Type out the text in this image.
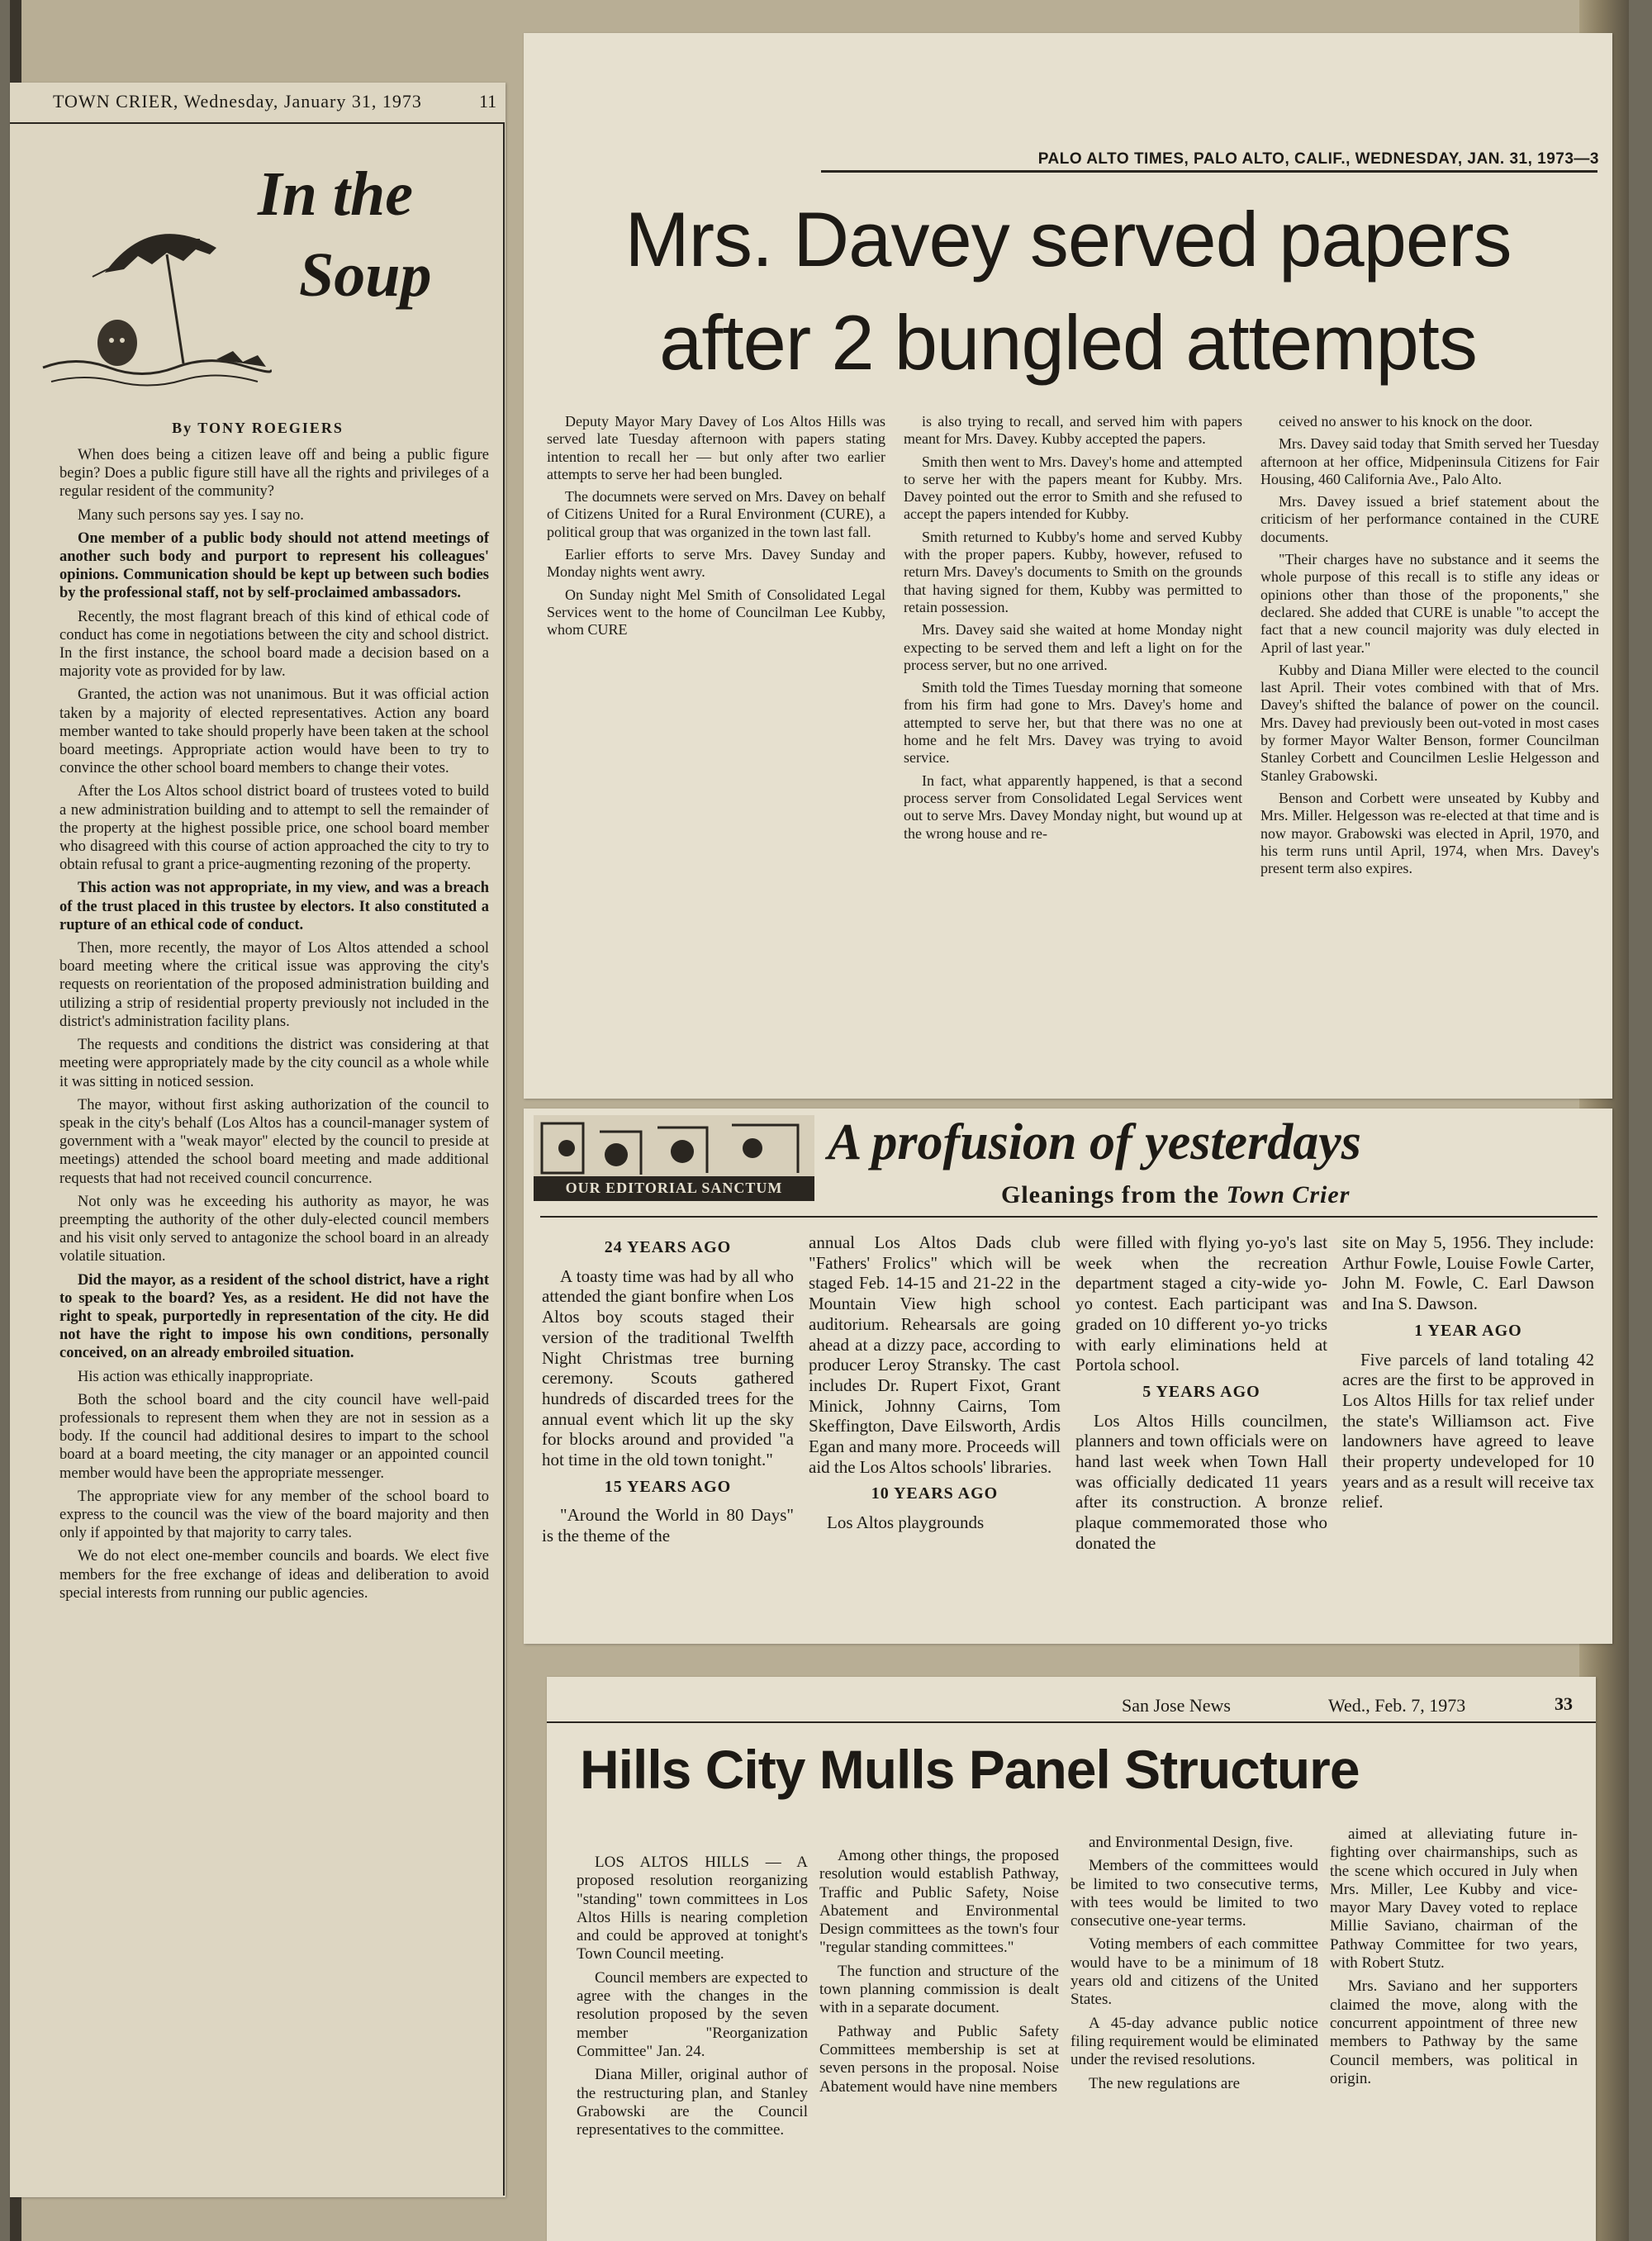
TOWN CRIER, Wednesday, January 31, 1973	11
In the
Soup
By TONY ROEGIERS

When does being a citizen leave off and being a public figure begin? Does a public figure still have all the rights and privileges of a regular resident of the community?

Many such persons say yes. I say no.

One member of a public body should not attend meetings of another such body and purport to represent his colleagues' opinions. Communication should be kept up between such bodies by the professional staff, not by self-proclaimed ambassadors.

Recently, the most flagrant breach of this kind of ethical code of conduct has come in negotiations between the city and school district. In the first instance, the school board made a decision based on a majority vote as provided for by law.

Granted, the action was not unanimous. But it was official action taken by a majority of elected representatives. Action any board member wanted to take should properly have been taken at the school board meetings. Appropriate action would have been to try to convince the other school board members to change their votes.

After the Los Altos school district board of trustees voted to build a new administration building and to attempt to sell the remainder of the property at the highest possible price, one school board member who disagreed with this course of action approached the city to try to obtain refusal to grant a price-augmenting rezoning of the property.

This action was not appropriate, in my view, and was a breach of the trust placed in this trustee by electors. It also constituted a rupture of an ethical code of conduct.

Then, more recently, the mayor of Los Altos attended a school board meeting where the critical issue was approving the city's requests on reorientation of the proposed administration building and utilizing a strip of residential property previously not included in the district's administration facility plans.

The requests and conditions the district was considering at that meeting were appropriately made by the city council as a whole while it was sitting in noticed session.

The mayor, without first asking authorization of the council to speak in the city's behalf (Los Altos has a council-manager system of government with a "weak mayor" elected by the council to preside at meetings) attended the school board meeting and made additional requests that had not received council concurrence.

Not only was he exceeding his authority as mayor, he was preempting the authority of the other duly-elected council members and his visit only served to antagonize the school board in an already volatile situation.

Did the mayor, as a resident of the school district, have a right to speak to the board? Yes, as a resident. He did not have the right to speak, purportedly in representation of the city. He did not have the right to impose his own conditions, personally conceived, on an already embroiled situation.

His action was ethically inappropriate.

Both the school board and the city council have well-paid professionals to represent them when they are not in session as a body. If the council had additional desires to impart to the school board at a board meeting, the city manager or an appointed council member would have been the appropriate messenger.

The appropriate view for any member of the school board to express to the council was the view of the board majority and then only if appointed by that majority to carry tales.

We do not elect one-member councils and boards. We elect five members for the free exchange of ideas and deliberation to avoid special interests from running our public agencies.

PALO ALTO TIMES, PALO ALTO, CALIF., WEDNESDAY, JAN. 31, 1973—3
Mrs. Davey served papers
after 2 bungled attempts

Deputy Mayor Mary Davey of Los Altos Hills was served late Tuesday afternoon with papers stating intention to recall her — but only after two earlier attempts to serve her had been bungled.

The documnets were served on Mrs. Davey on behalf of Citizens United for a Rural Environment (CURE), a political group that was organized in the town last fall.

Earlier efforts to serve Mrs. Davey Sunday and Monday nights went awry.

On Sunday night Mel Smith of Consolidated Legal Services went to the home of Councilman Lee Kubby, whom CURE

is also trying to recall, and served him with papers meant for Mrs. Davey. Kubby accepted the papers.

Smith then went to Mrs. Davey's home and attempted to serve her with the papers meant for Kubby. Mrs. Davey pointed out the error to Smith and she refused to accept the papers intended for Kubby.

Smith returned to Kubby's home and served Kubby with the proper papers. Kubby, however, refused to return Mrs. Davey's documents to Smith on the grounds that having signed for them, Kubby was permitted to retain possession.

Mrs. Davey said she waited at home Monday night expecting to be served them and left a light on for the process server, but no one arrived.

Smith told the Times Tuesday morning that someone from his firm had gone to Mrs. Davey's home and attempted to serve her, but that there was no one at home and he felt Mrs. Davey was trying to avoid service.

In fact, what apparently happened, is that a second process server from Consolidated Legal Services went out to serve Mrs. Davey Monday night, but wound up at the wrong house and re-

ceived no answer to his knock on the door.

Mrs. Davey said today that Smith served her Tuesday afternoon at her office, Midpeninsula Citizens for Fair Housing, 460 California Ave., Palo Alto.

Mrs. Davey issued a brief statement about the criticism of her performance contained in the CURE documents.

"Their charges have no substance and it seems the whole purpose of this recall is to stifle any ideas or opinions other than those of the proponents," she declared. She added that CURE is unable "to accept the fact that a new council majority was duly elected in April of last year."

Kubby and Diana Miller were elected to the council last April. Their votes combined with that of Mrs. Davey's shifted the balance of power on the council. Mrs. Davey had previously been out-voted in most cases by former Mayor Walter Benson, former Councilman Stanley Corbett and Councilmen Leslie Helgesson and Stanley Grabowski.

Benson and Corbett were unseated by Kubby and Mrs. Miller. Helgesson was re-elected at that time and is now mayor. Grabowski was elected in April, 1970, and his term runs until April, 1974, when Mrs. Davey's present term also expires.

OUR EDITORIAL SANCTUM
A profusion of yesterdays
Gleanings from the Town Crier
24 YEARS AGO

A toasty time was had by all who attended the giant bonfire when Los Altos boy scouts staged their version of the traditional Twelfth Night Christmas tree burning ceremony. Scouts gathered hundreds of discarded trees for the annual event which lit up the sky for blocks around and provided "a hot time in the old town tonight."

15 YEARS AGO

"Around the World in 80 Days" is the theme of the

annual Los Altos Dads club "Fathers' Frolics" which will be staged Feb. 14-15 and 21-22 in the Mountain View high school auditorium. Rehearsals are going ahead at a dizzy pace, according to producer Leroy Stransky. The cast includes Dr. Rupert Fixot, Grant Minick, Johnny Cairns, Tom Skeffington, Dave Eilsworth, Ardis Egan and many more. Proceeds will aid the Los Altos schools' libraries.

10 YEARS AGO

Los Altos playgrounds

were filled with flying yo-yo's last week when the recreation department staged a city-wide yo-yo contest. Each participant was graded on 10 different yo-yo tricks with early eliminations held at Portola school.

5 YEARS AGO

Los Altos Hills councilmen, planners and town officials were on hand last week when Town Hall was officially dedicated 11 years after its construction. A bronze plaque commemorated those who donated the

site on May 5, 1956. They include: Arthur Fowle, Louise Fowle Carter, John M. Fowle, C. Earl Dawson and Ina S. Dawson.

1 YEAR AGO

Five parcels of land totaling 42 acres are the first to be approved in Los Altos Hills for tax relief under the state's Williamson act. Five landowners have agreed to leave their property undeveloped for 10 years and as a result will receive tax relief.

San Jose News	Wed., Feb. 7, 1973	33
Hills City Mulls Panel Structure

LOS ALTOS HILLS — A proposed resolution reorganizing "standing" town committees in Los Altos Hills is nearing completion and could be approved at tonight's Town Council meeting.

Council members are expected to agree with the changes in the resolution proposed by the seven member "Reorganization Committee" Jan. 24.

Diana Miller, original author of the restructuring plan, and Stanley Grabowski are the Council representatives to the committee.

Among other things, the proposed resolution would establish Pathway, Traffic and Public Safety, Noise Abatement and Environmental Design committees as the town's four "regular standing committees."

The function and structure of the town planning commission is dealt with in a separate document.

Pathway and Public Safety Committees membership is set at seven persons in the proposal. Noise Abatement would have nine members

and Environmental Design, five.

Members of the committees would be limited to two consecutive terms, with tees would be limited to two consecutive one-year terms.

Voting members of each committee would have to be a minimum of 18 years old and citizens of the United States.

A 45-day advance public notice filing requirement would be eliminated under the revised resolutions.

The new regulations are

aimed at alleviating future in-fighting over chairmanships, such as the scene which occured in July when Mrs. Miller, Lee Kubby and vice-mayor Mary Davey voted to replace Millie Saviano, chairman of the Pathway Committee for two years, with Robert Stutz.

Mrs. Saviano and her supporters claimed the move, along with the concurrent appointment of three new members to Pathway by the same Council members, was political in origin.
